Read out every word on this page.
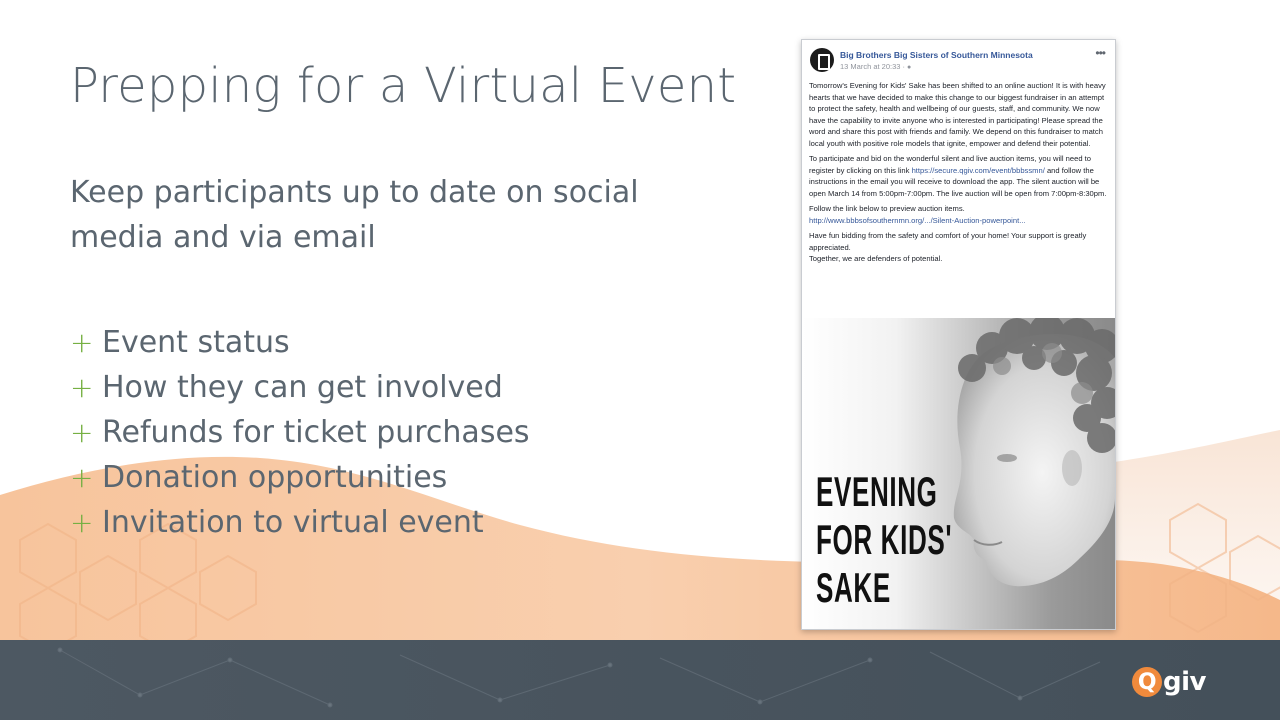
Prepping for a Virtual Event
Keep participants up to date on social media and via email
+ Event status
+ How they can get involved
+ Refunds for ticket purchases
+ Donation opportunities
+ Invitation to virtual event
Big Brothers Big Sisters of Southern Minnesota
13 March at 20:33 · ●
•••

Tomorrow's Evening for Kids' Sake has been shifted to an online auction! It is with heavy hearts that we have decided to make this change to our biggest fundraiser in an attempt to protect the safety, health and wellbeing of our guests, staff, and community. We now have the capability to invite anyone who is interested in participating! Please spread the word and share this post with friends and family. We depend on this fundraiser to match local youth with positive role models that ignite, empower and defend their potential.

To participate and bid on the wonderful silent and live auction items, you will need to register by clicking on this link https://secure.qgiv.com/event/bbbssmn/ and follow the instructions in the email you will receive to download the app. The silent auction will be open March 14 from 5:00pm-7:00pm. The live auction will be open from 7:00pm-8:30pm.

Follow the link below to preview auction items.
http://www.bbbsofsouthernmn.org/.../Silent-Auction-powerpoint...

Have fun bidding from the safety and comfort of your home! Your support is greatly appreciated.
Together, we are defenders of potential.

EVENING
FOR KIDS'
SAKE
Q giv
